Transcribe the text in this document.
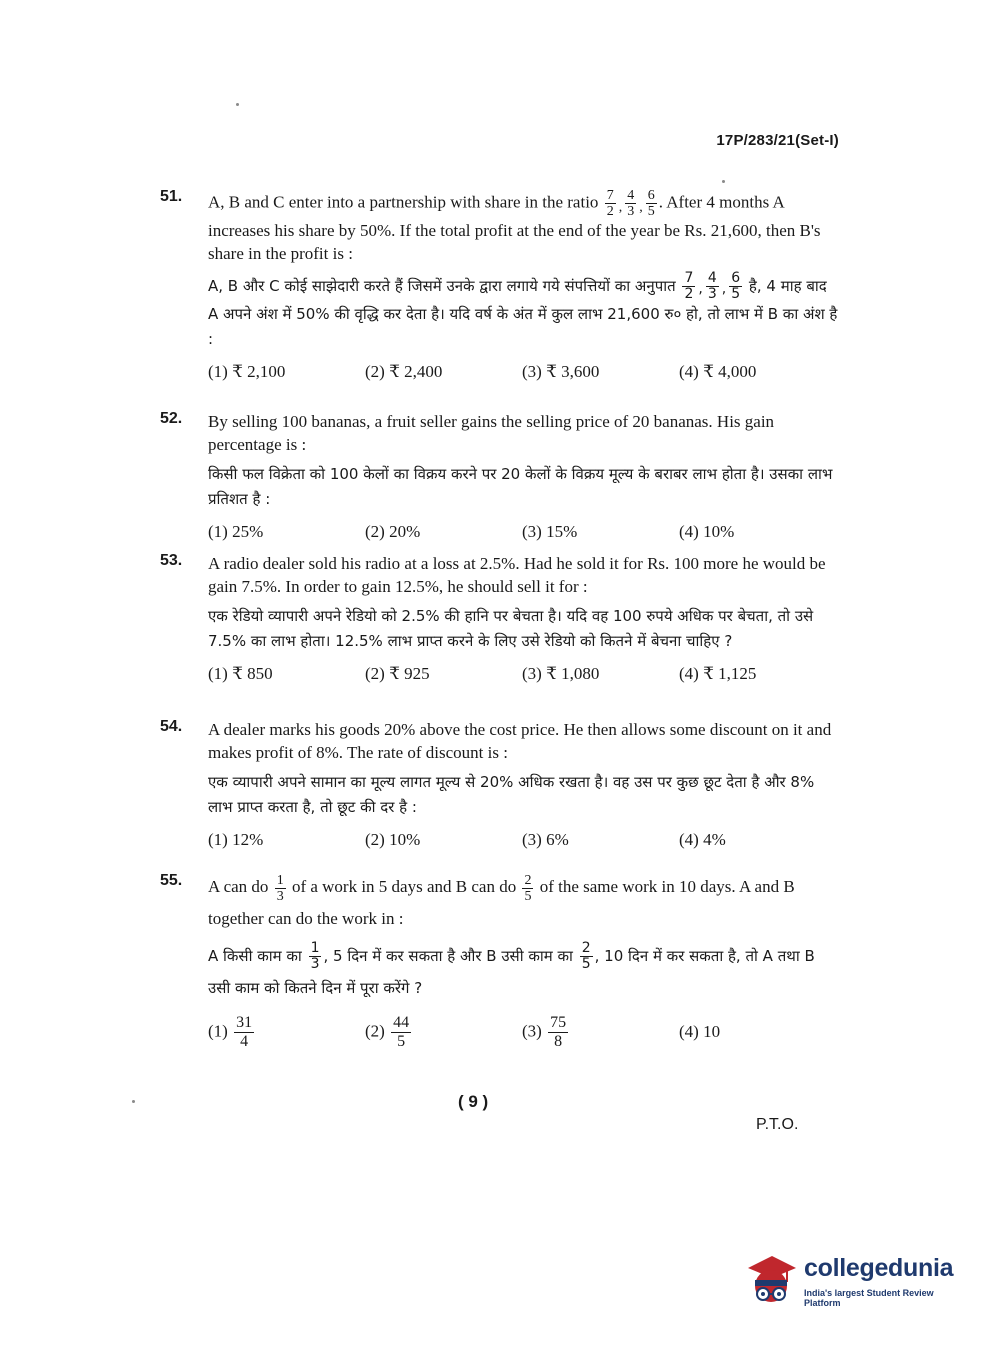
17P/283/21(Set-I)
51. A, B and C enter into a partnership with share in the ratio $\frac{7}{2}$ , $\frac{4}{3}$ , $\frac{6}{5}$ . After 4 months A increases his share by 50%. If the total profit at the end of the year be Rs. 21,600, then B's share in the profit is :

A, B और C कोई साझेदारी करते हैं जिसमें उनके द्वारा लगाये गये संपत्तियों का अनुपात $\frac{7}{2}$ , $\frac{4}{3}$ , $\frac{6}{5}$ है, 4 माह बाद A अपने अंश में 50% की वृद्धि कर देता है। यदि वर्ष के अंत में कुल लाभ 21,600 रु० हो, तो लाभ में B का अंश है :

(1) ₹ 2,100	(2) ₹ 2,400	(3) ₹ 3,600	(4) ₹ 4,000
52. By selling 100 bananas, a fruit seller gains the selling price of 20 bananas. His gain percentage is :

किसी फल विक्रेता को 100 केलों का विक्रय करने पर 20 केलों के विक्रय मूल्य के बराबर लाभ होता है। उसका लाभ प्रतिशत है :

(1) 25%	(2) 20%	(3) 15%	(4) 10%
53. A radio dealer sold his radio at a loss at 2.5%. Had he sold it for Rs. 100 more he would be gain 7.5%. In order to gain 12.5%, he should sell it for :

एक रेडियो व्यापारी अपने रेडियो को 2.5% की हानि पर बेचता है। यदि वह 100 रुपये अधिक पर बेचता, तो उसे 7.5% का लाभ होता। 12.5% लाभ प्राप्त करने के लिए उसे रेडियो को कितने में बेचना चाहिए ?

(1) ₹ 850	(2) ₹ 925	(3) ₹ 1,080	(4) ₹ 1,125
54. A dealer marks his goods 20% above the cost price. He then allows some discount on it and makes profit of 8%. The rate of discount is :

एक व्यापारी अपने सामान का मूल्य लागत मूल्य से 20% अधिक रखता है। वह उस पर कुछ छूट देता है और 8% लाभ प्राप्त करता है, तो छूट की दर है :

(1) 12%	(2) 10%	(3) 6%	(4) 4%
55. A can do $\frac{1}{3}$ of a work in 5 days and B can do $\frac{2}{5}$ of the same work in 10 days. A and B together can do the work in :

A किसी काम का $\frac{1}{3}$ , 5 दिन में कर सकता है और B उसी काम का $\frac{2}{5}$ , 10 दिन में कर सकता है, तो A तथा B उसी काम को कितने दिन में पूरा करेंगे ?

$(1) \frac{31}{4}$	$(2) \frac{44}{5}$	$(3) \frac{75}{8}$	(4) 10
( 9 )
P.T.O.
collegedunia
India's largest Student Review Platform
